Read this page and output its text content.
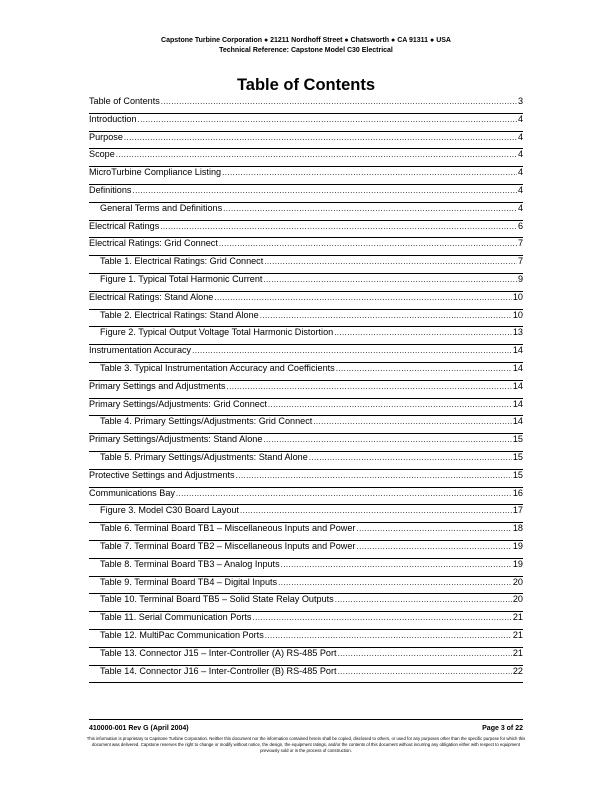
Capstone Turbine Corporation ● 21211 Nordhoff Street ● Chatsworth ● CA 91311 ● USA
Technical Reference: Capstone Model C30 Electrical
Table of Contents
Table of Contents .....	3
Introduction .....	4
Purpose .....	4
Scope .....	4
MicroTurbine Compliance Listing .....	4
Definitions .....	4
General Terms and Definitions .....	4
Electrical Ratings .....	6
Electrical Ratings: Grid Connect .....	7
Table 1. Electrical Ratings: Grid Connect .....	7
Figure 1. Typical Total Harmonic Current .....	9
Electrical Ratings: Stand Alone .....	10
Table 2. Electrical Ratings: Stand Alone .....	10
Figure 2. Typical Output Voltage Total Harmonic Distortion .....	13
Instrumentation Accuracy .....	14
Table 3. Typical Instrumentation Accuracy and Coefficients .....	14
Primary Settings and Adjustments .....	14
Primary Settings/Adjustments: Grid Connect .....	14
Table 4. Primary Settings/Adjustments: Grid Connect .....	14
Primary Settings/Adjustments: Stand Alone .....	15
Table 5. Primary Settings/Adjustments: Stand Alone .....	15
Protective Settings and Adjustments .....	15
Communications Bay .....	16
Figure 3. Model C30 Board Layout .....	17
Table 6. Terminal Board TB1 – Miscellaneous Inputs and Power .....	18
Table 7. Terminal Board TB2 – Miscellaneous Inputs and Power .....	19
Table 8. Terminal Board TB3 – Analog Inputs .....	19
Table 9. Terminal Board TB4 – Digital Inputs .....	20
Table 10. Terminal Board TB5 – Solid State Relay Outputs .....	20
Table 11. Serial Communication Ports .....	21
Table 12. MultiPac Communication Ports .....	21
Table 13. Connector J15 – Inter-Controller (A) RS-485 Port .....	21
Table 14. Connector J16 – Inter-Controller (B) RS-485 Port .....	22
410000-001 Rev G (April 2004)	Page 3 of 22
This information is proprietary to Capstone Turbine Corporation. Neither this document nor the information contained herein shall be copied, disclosed to others, or used for any purposes other than the specific purpose for which this document was delivered. Capstone reserves the right to change or modify without notice, the design, the equipment ratings, and/or the contents of this document without incurring any obligation either with respect to equipment previously sold or in the process of construction.
